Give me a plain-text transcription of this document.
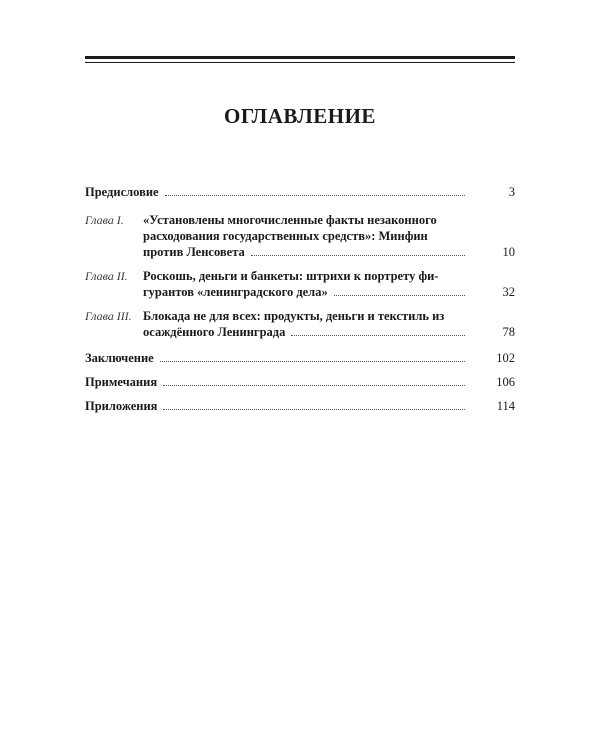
ОГЛАВЛЕНИЕ
Предисловие	3
Глава I.	«Установлены многочисленные факты незаконного
расходования государственных средств»: Минфин
против Ленсовета	10
Глава II.	Роскошь, деньги и банкеты: штрихи к портрету фи-
гурантов «ленинградского дела»	32
Глава III. Блокада не для всех: продукты, деньги и текстиль из
осаждённого Ленинграда	78
Заключение	102
Примечания	106
Приложения	114
